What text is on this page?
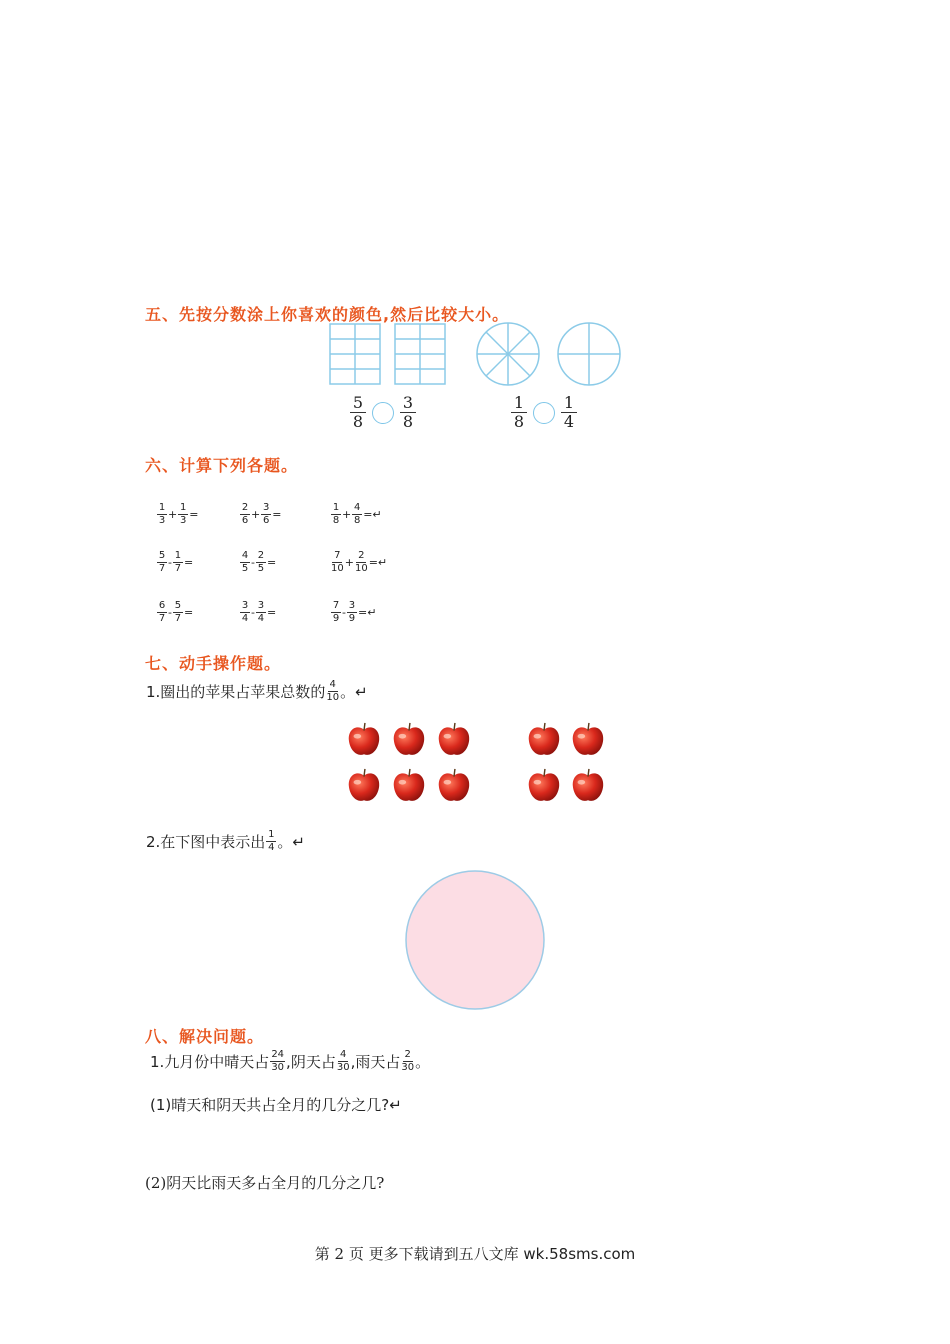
五、先按分数涂上你喜欢的颜色,然后比较大小。
$\frac{5}{8} \frac{3}{8}$	$\frac{1}{8} \frac{1}{4}$
六、计算下列各题。
$\frac{1}{3} + \frac{1}{3}$ =	$\frac{2}{6} + \frac{3}{6}$ =	$\frac{1}{8} + \frac{4}{8}$ =↵
$\frac{5}{7} - \frac{1}{7}$ =	$\frac{4}{5} - \frac{2}{5}$ =	$\frac{7}{10} + \frac{2}{10}$ =↵
$\frac{6}{7} - \frac{5}{7}$ =	$\frac{3}{4} - \frac{3}{4}$ =	$\frac{7}{9} - \frac{3}{9}$ =↵
七、动手操作题。
1.圈出的苹果占苹果总数的 $\frac{4}{10}$ 。↵
2.在下图中表示出 $\frac{1}{4}$ 。↵
八、解决问题。
1.九月份中晴天占 $\frac{24}{30}$ ,阴天占 $\frac{4}{30}$ ,雨天占 $\frac{2}{30}$ 。
(1)晴天和阴天共占全月的几分之几?↵
(2)阴天比雨天多占全月的几分之几?
第 2 页 更多下载请到五八文库 wk.58sms.com
